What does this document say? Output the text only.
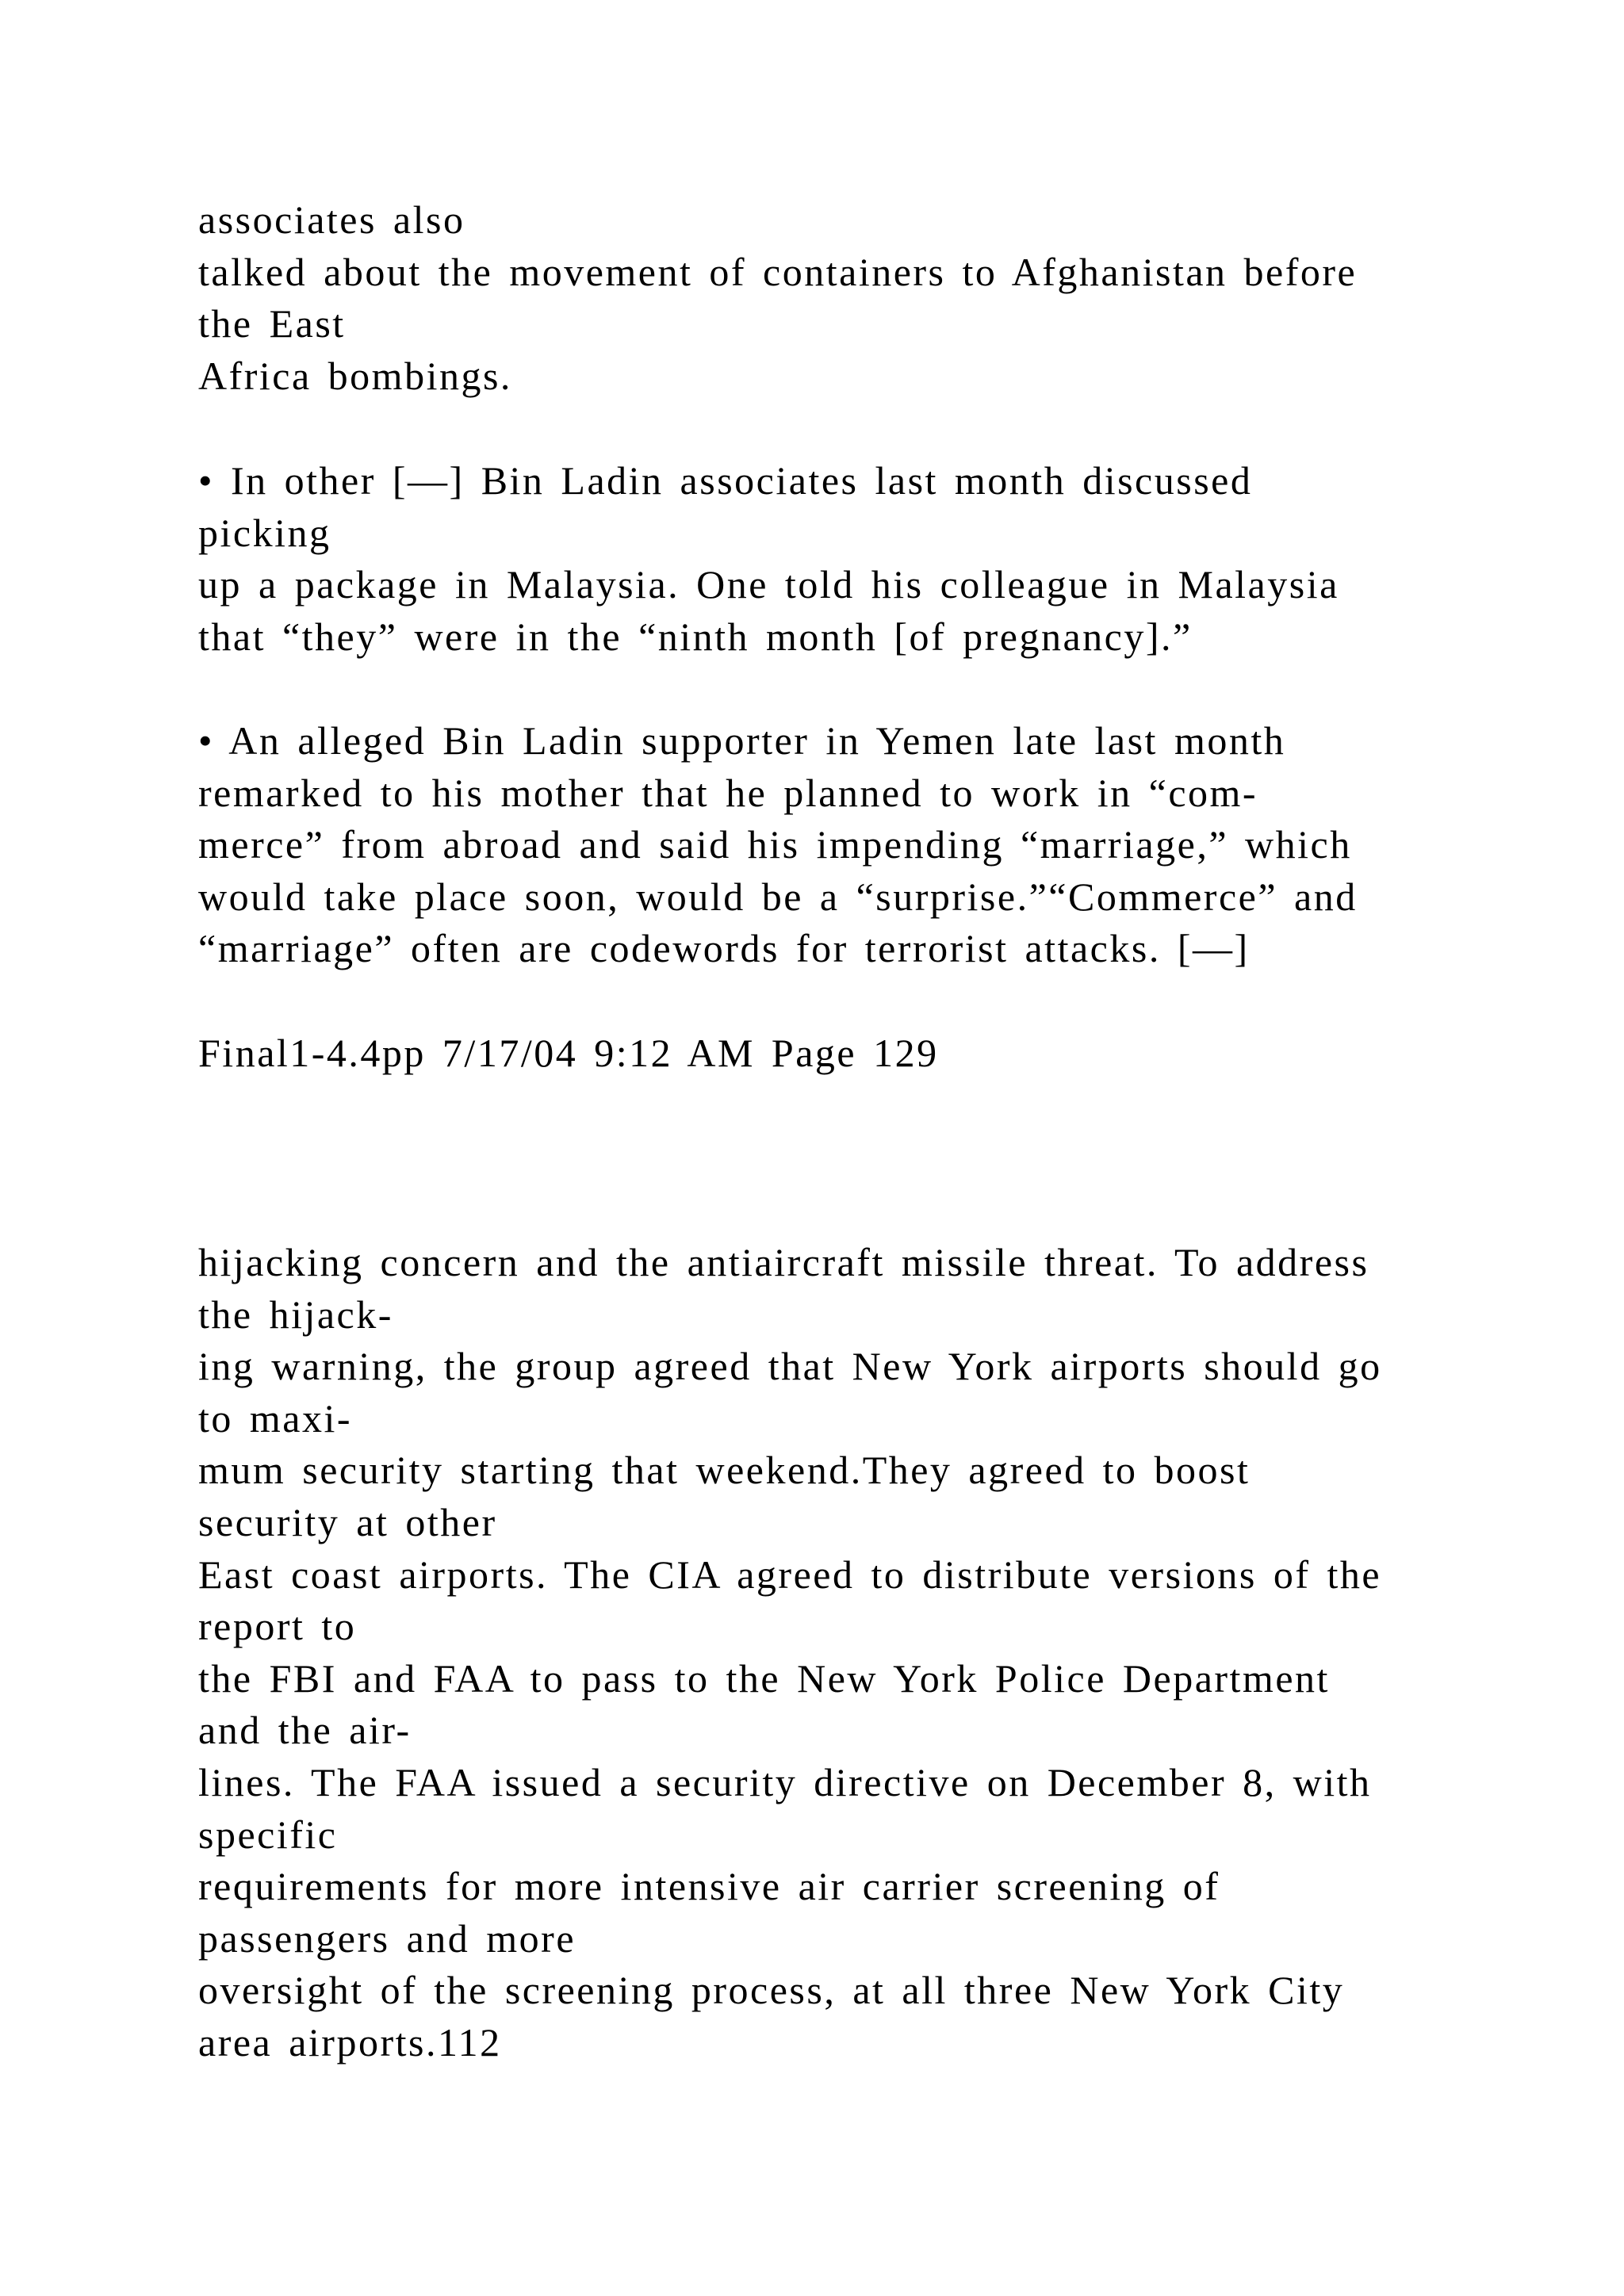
associates also

talked about the movement of containers to Afghanistan before

the East

Africa bombings.

• In other [—] Bin Ladin associates last month discussed

picking

up a package in Malaysia. One told his colleague in Malaysia

that “they” were in the “ninth month [of pregnancy].”

• An alleged Bin Ladin supporter in Yemen late last month

remarked to his mother that he planned to work in “com-

merce” from abroad and said his impending “marriage,” which

would take place soon, would be a “surprise.”“Commerce” and

“marriage” often are codewords for terrorist attacks. [—]

Final1-4.4pp 7/17/04 9:12 AM Page 129

hijacking concern and the antiaircraft missile threat. To address

the hijack-

ing warning, the group agreed that New York airports should go

to maxi-

mum security starting that weekend.They agreed to boost

security at other

East coast airports. The CIA agreed to distribute versions of the

report to

the FBI and FAA to pass to the New York Police Department

and the air-

lines. The FAA issued a security directive on December 8, with

specific

requirements for more intensive air carrier screening of

passengers and more

oversight of the screening process, at all three New York City

area airports.112
